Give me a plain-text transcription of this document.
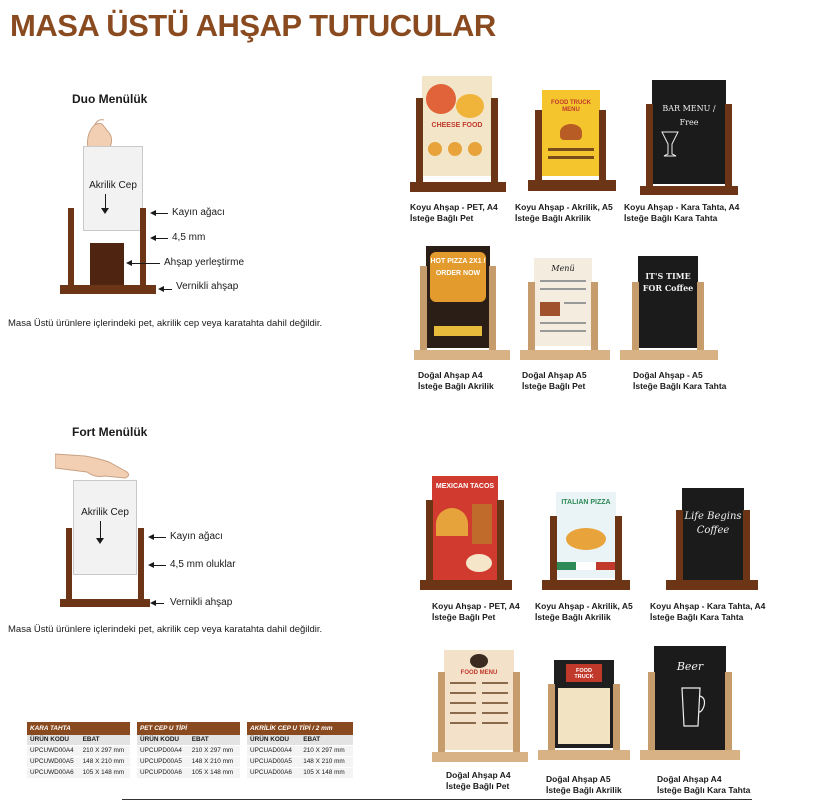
MASA ÜSTÜ AHŞAP TUTUCULAR
Duo Menülük
Akrilik Cep
Kayın ağacı
4,5 mm
Ahşap yerleştirme
Vernikli ahşap
Masa Üstü ürünlere içlerindeki pet, akrilik cep veya karatahta dahil değildir.
Fort Menülük
Akrilik Cep
Kayın ağacı
4,5 mm oluklar
Vernikli ahşap
Masa Üstü ürünlere içlerindeki pet, akrilik cep veya karatahta dahil değildir.
CHEESE FOOD
Koyu Ahşap - PET, A4
İsteğe Bağlı Pet
FOOD TRUCK MENU
Koyu Ahşap - Akrilik, A5
İsteğe Bağlı Akrilik
BAR MENU / Free
Koyu Ahşap - Kara Tahta, A4
İsteğe Bağlı Kara Tahta
HOT PIZZA 2X1 / ORDER NOW
Doğal Ahşap A4
İsteğe Bağlı Akrilik
Menü
Doğal Ahşap A5
İsteğe Bağlı Pet
IT'S TIME FOR Coffee
Doğal Ahşap - A5
İsteğe Bağlı Kara Tahta
MEXICAN TACOS
Koyu Ahşap - PET, A4
İsteğe Bağlı Pet
ITALIAN PIZZA
Koyu Ahşap - Akrilik, A5
İsteğe Bağlı Akrilik
Life Begins Coffee
Koyu Ahşap - Kara Tahta, A4
İsteğe Bağlı Kara Tahta
FOOD MENU
Doğal Ahşap A4
İsteğe Bağlı Pet
FOOD TRUCK
Doğal Ahşap A5
İsteğe Bağlı Akrilik
Beer
Doğal Ahşap A4
İsteğe Bağlı Kara Tahta
KARA TAHTA	
ÜRÜN KODU	EBAT
UPCUWD00A4	210 X 297 mm
UPCUWD00A5	148 X 210 mm
UPCUWD00A6	105 X 148 mm
PET CEP U TİPİ	
ÜRÜN KODU	EBAT
UPCUPD00A4	210 X 297 mm
UPCUPD00A5	148 X 210 mm
UPCUPD00A6	105 X 148 mm
AKRİLİK CEP U TİPİ / 2 mm	
ÜRÜN KODU	EBAT
UPCUAD00A4	210 X 297 mm
UPCUAD00A5	148 X 210 mm
UPCUAD00A6	105 X 148 mm
